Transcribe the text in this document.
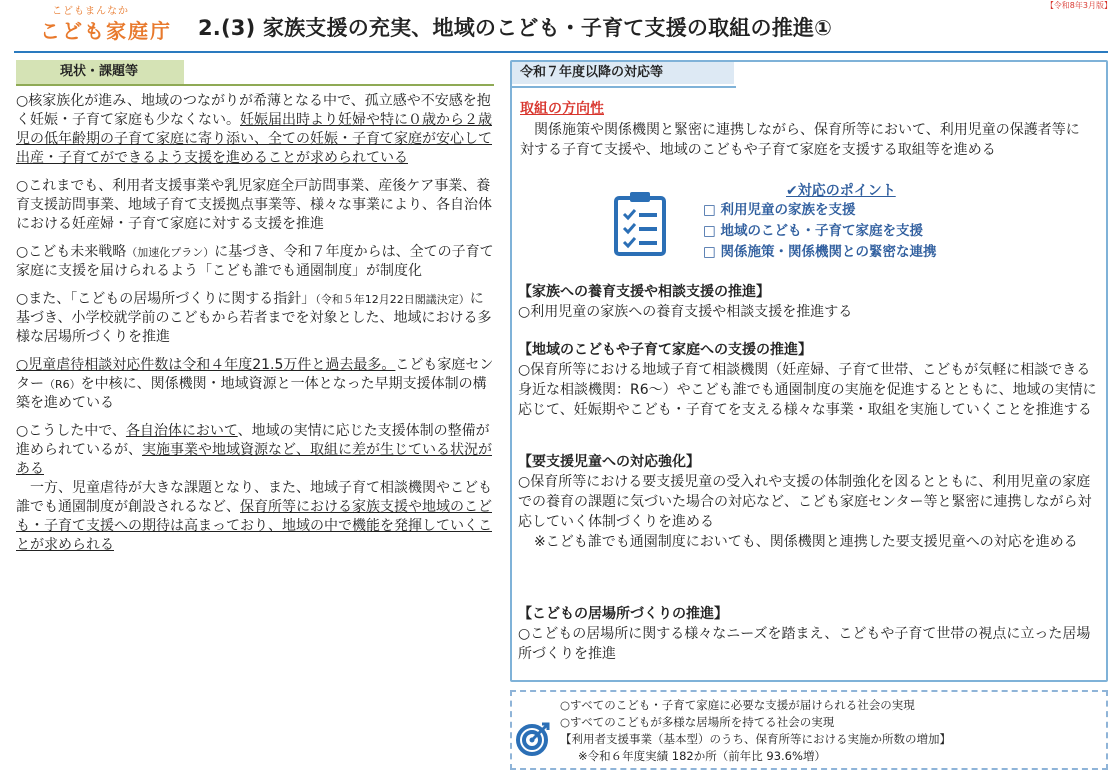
こどもまんなか
こども家庭庁 2.(3) 家族支援の充実、地域のこども・子育て支援の取組の推進①
【令和8年3月版】
現状・課題等

○核家族化が進み、地域のつながりが希薄となる中で、孤立感や不安感を抱く妊娠・子育て家庭も少なくない。妊娠届出時より妊婦や特に０歳から２歳児の低年齢期の子育て家庭に寄り添い、全ての妊娠・子育て家庭が安心して出産・子育てができるよう支援を進めることが求められている

○これまでも、利用者支援事業や乳児家庭全戸訪問事業、産後ケア事業、養育支援訪問事業、地域子育て支援拠点事業等、様々な事業により、各自治体における妊産婦・子育て家庭に対する支援を推進

○こども未来戦略（加速化プラン）に基づき、令和７年度からは、全ての子育て家庭に支援を届けられるよう「こども誰でも通園制度」が制度化

○また、「こどもの居場所づくりに関する指針」（令和５年12月22日閣議決定）に基づき、小学校就学前のこどもから若者までを対象とした、地域における多様な居場所づくりを推進

○児童虐待相談対応件数は令和４年度21.5万件と過去最多。こども家庭センター（R6）を中核に、関係機関・地域資源と一体となった早期支援体制の構築を進めている

○こうした中で、各自治体において、地域の実情に応じた支援体制の整備が進められているが、実施事業や地域資源など、取組に差が生じている状況がある
　一方、児童虐待が大きな課題となり、また、地域子育て相談機関やこども誰でも通園制度が創設されるなど、保育所等における家族支援や地域のこども・子育て支援への期待は高まっており、地域の中で機能を発揮していくことが求められる

令和７年度以降の対応等
取組の方向性
　関係施策や関係機関と緊密に連携しながら、保育所等において、利用児童の保護者等に対する子育て支援や、地域のこどもや子育て家庭を支援する取組等を進める
✔対応のポイント
□ 利用児童の家族を支援
□ 地域のこども・子育て家庭を支援
□ 関係施策・関係機関との緊密な連携
【家族への養育支援や相談支援の推進】
○利用児童の家族への養育支援や相談支援を推進する
【地域のこどもや子育て家庭への支援の推進】
○保育所等における地域子育て相談機関（妊産婦、子育て世帯、こどもが気軽に相談できる身近な相談機関：R6～）やこども誰でも通園制度の実施を促進するとともに、地域の実情に応じて、妊娠期やこども・子育てを支える様々な事業・取組を実施していくことを推進する
【要支援児童への対応強化】
○保育所等における要支援児童の受入れや支援の体制強化を図るとともに、利用児童の家庭での養育の課題に気づいた場合の対応など、こども家庭センター等と緊密に連携しながら対応していく体制づくりを進める
※こども誰でも通園制度においても、関係機関と連携した要支援児童への対応を進める
【こどもの居場所づくりの推進】
○こどもの居場所に関する様々なニーズを踏まえ、こどもや子育て世帯の視点に立った居場所づくりを推進
○すべてのこども・子育て家庭に必要な支援が届けられる社会の実現
○すべてのこどもが多様な居場所を持てる社会の実現
【利用者支援事業（基本型）のうち、保育所等における実施か所数の増加】
※令和６年度実績 182か所（前年比 93.6%増）
